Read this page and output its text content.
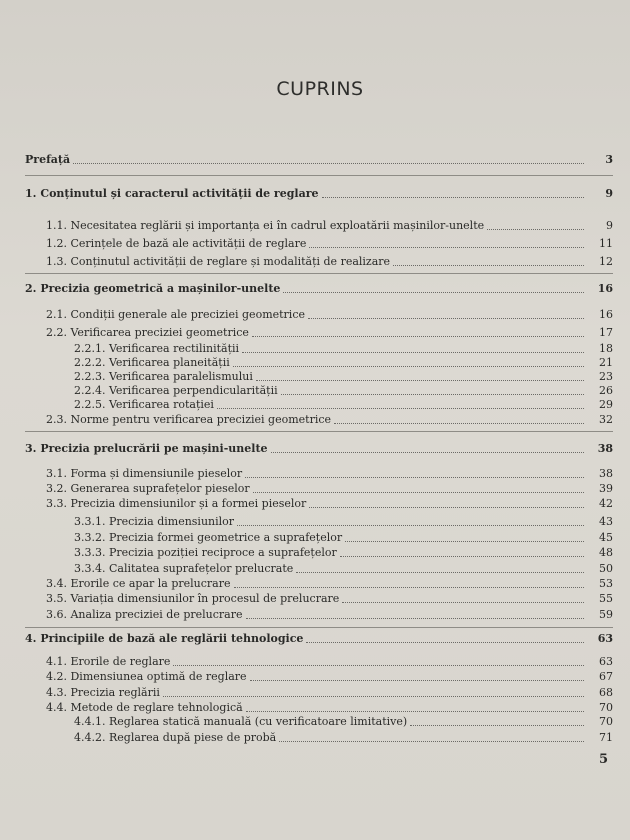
CUPRINS
Prefață	3
1. Conținutul și caracterul activității de reglare	9
1.1. Necesitatea reglării și importanța ei în cadrul exploatării mașinilor-unelte	9
1.2. Cerințele de bază ale activității de reglare	11
1.3. Conținutul activității de reglare și modalități de realizare	12
2. Precizia geometrică a mașinilor-unelte	16
2.1. Condiții generale ale preciziei geometrice	16
2.2. Verificarea preciziei geometrice	17
2.2.1. Verificarea rectilinității	18
2.2.2. Verificarea planeității	21
2.2.3. Verificarea paralelismului	23
2.2.4. Verificarea perpendicularității	26
2.2.5. Verificarea rotației	29
2.3. Norme pentru verificarea preciziei geometrice	32
3. Precizia prelucrării pe mașini-unelte	38
3.1. Forma și dimensiunile pieselor	38
3.2. Generarea suprafețelor pieselor	39
3.3. Precizia dimensiunilor și a formei pieselor	42
3.3.1. Precizia dimensiunilor	43
3.3.2. Precizia formei geometrice a suprafețelor	45
3.3.3. Precizia poziției reciproce a suprafețelor	48
3.3.4. Calitatea suprafețelor prelucrate	50
3.4. Erorile ce apar la prelucrare	53
3.5. Variația dimensiunilor în procesul de prelucrare	55
3.6. Analiza preciziei de prelucrare	59
4. Principiile de bază ale reglării tehnologice	63
4.1. Erorile de reglare	63
4.2. Dimensiunea optimă de reglare	67
4.3. Precizia reglării	68
4.4. Metode de reglare tehnologică	70
4.4.1. Reglarea statică manuală (cu verificatoare limitative)	70
4.4.2. Reglarea după piese de probă	71
5
